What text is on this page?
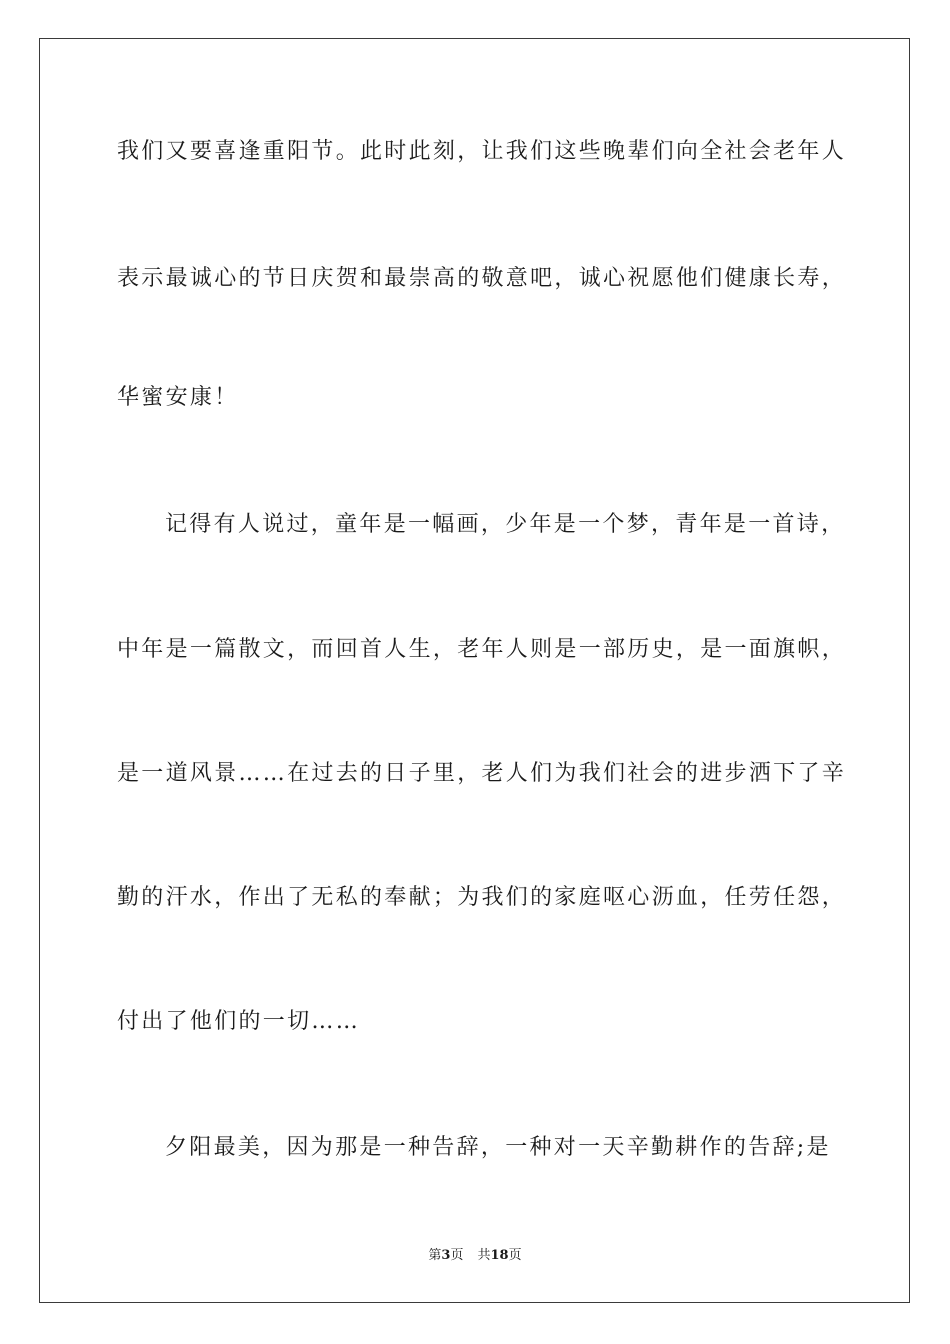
我们又要喜逢重阳节。此时此刻，让我们这些晚辈们向全社会老年人
表示最诚心的节日庆贺和最崇高的敬意吧，诚心祝愿他们健康长寿，
华蜜安康！
记得有人说过，童年是一幅画，少年是一个梦，青年是一首诗，
中年是一篇散文，而回首人生，老年人则是一部历史，是一面旗帜，
是一道风景……在过去的日子里，老人们为我们社会的进步洒下了辛
勤的汗水，作出了无私的奉献；为我们的家庭呕心沥血，任劳任怨，
付出了他们的一切……
夕阳最美，因为那是一种告辞，一种对一天辛勤耕作的告辞;是
第3页 共18页
